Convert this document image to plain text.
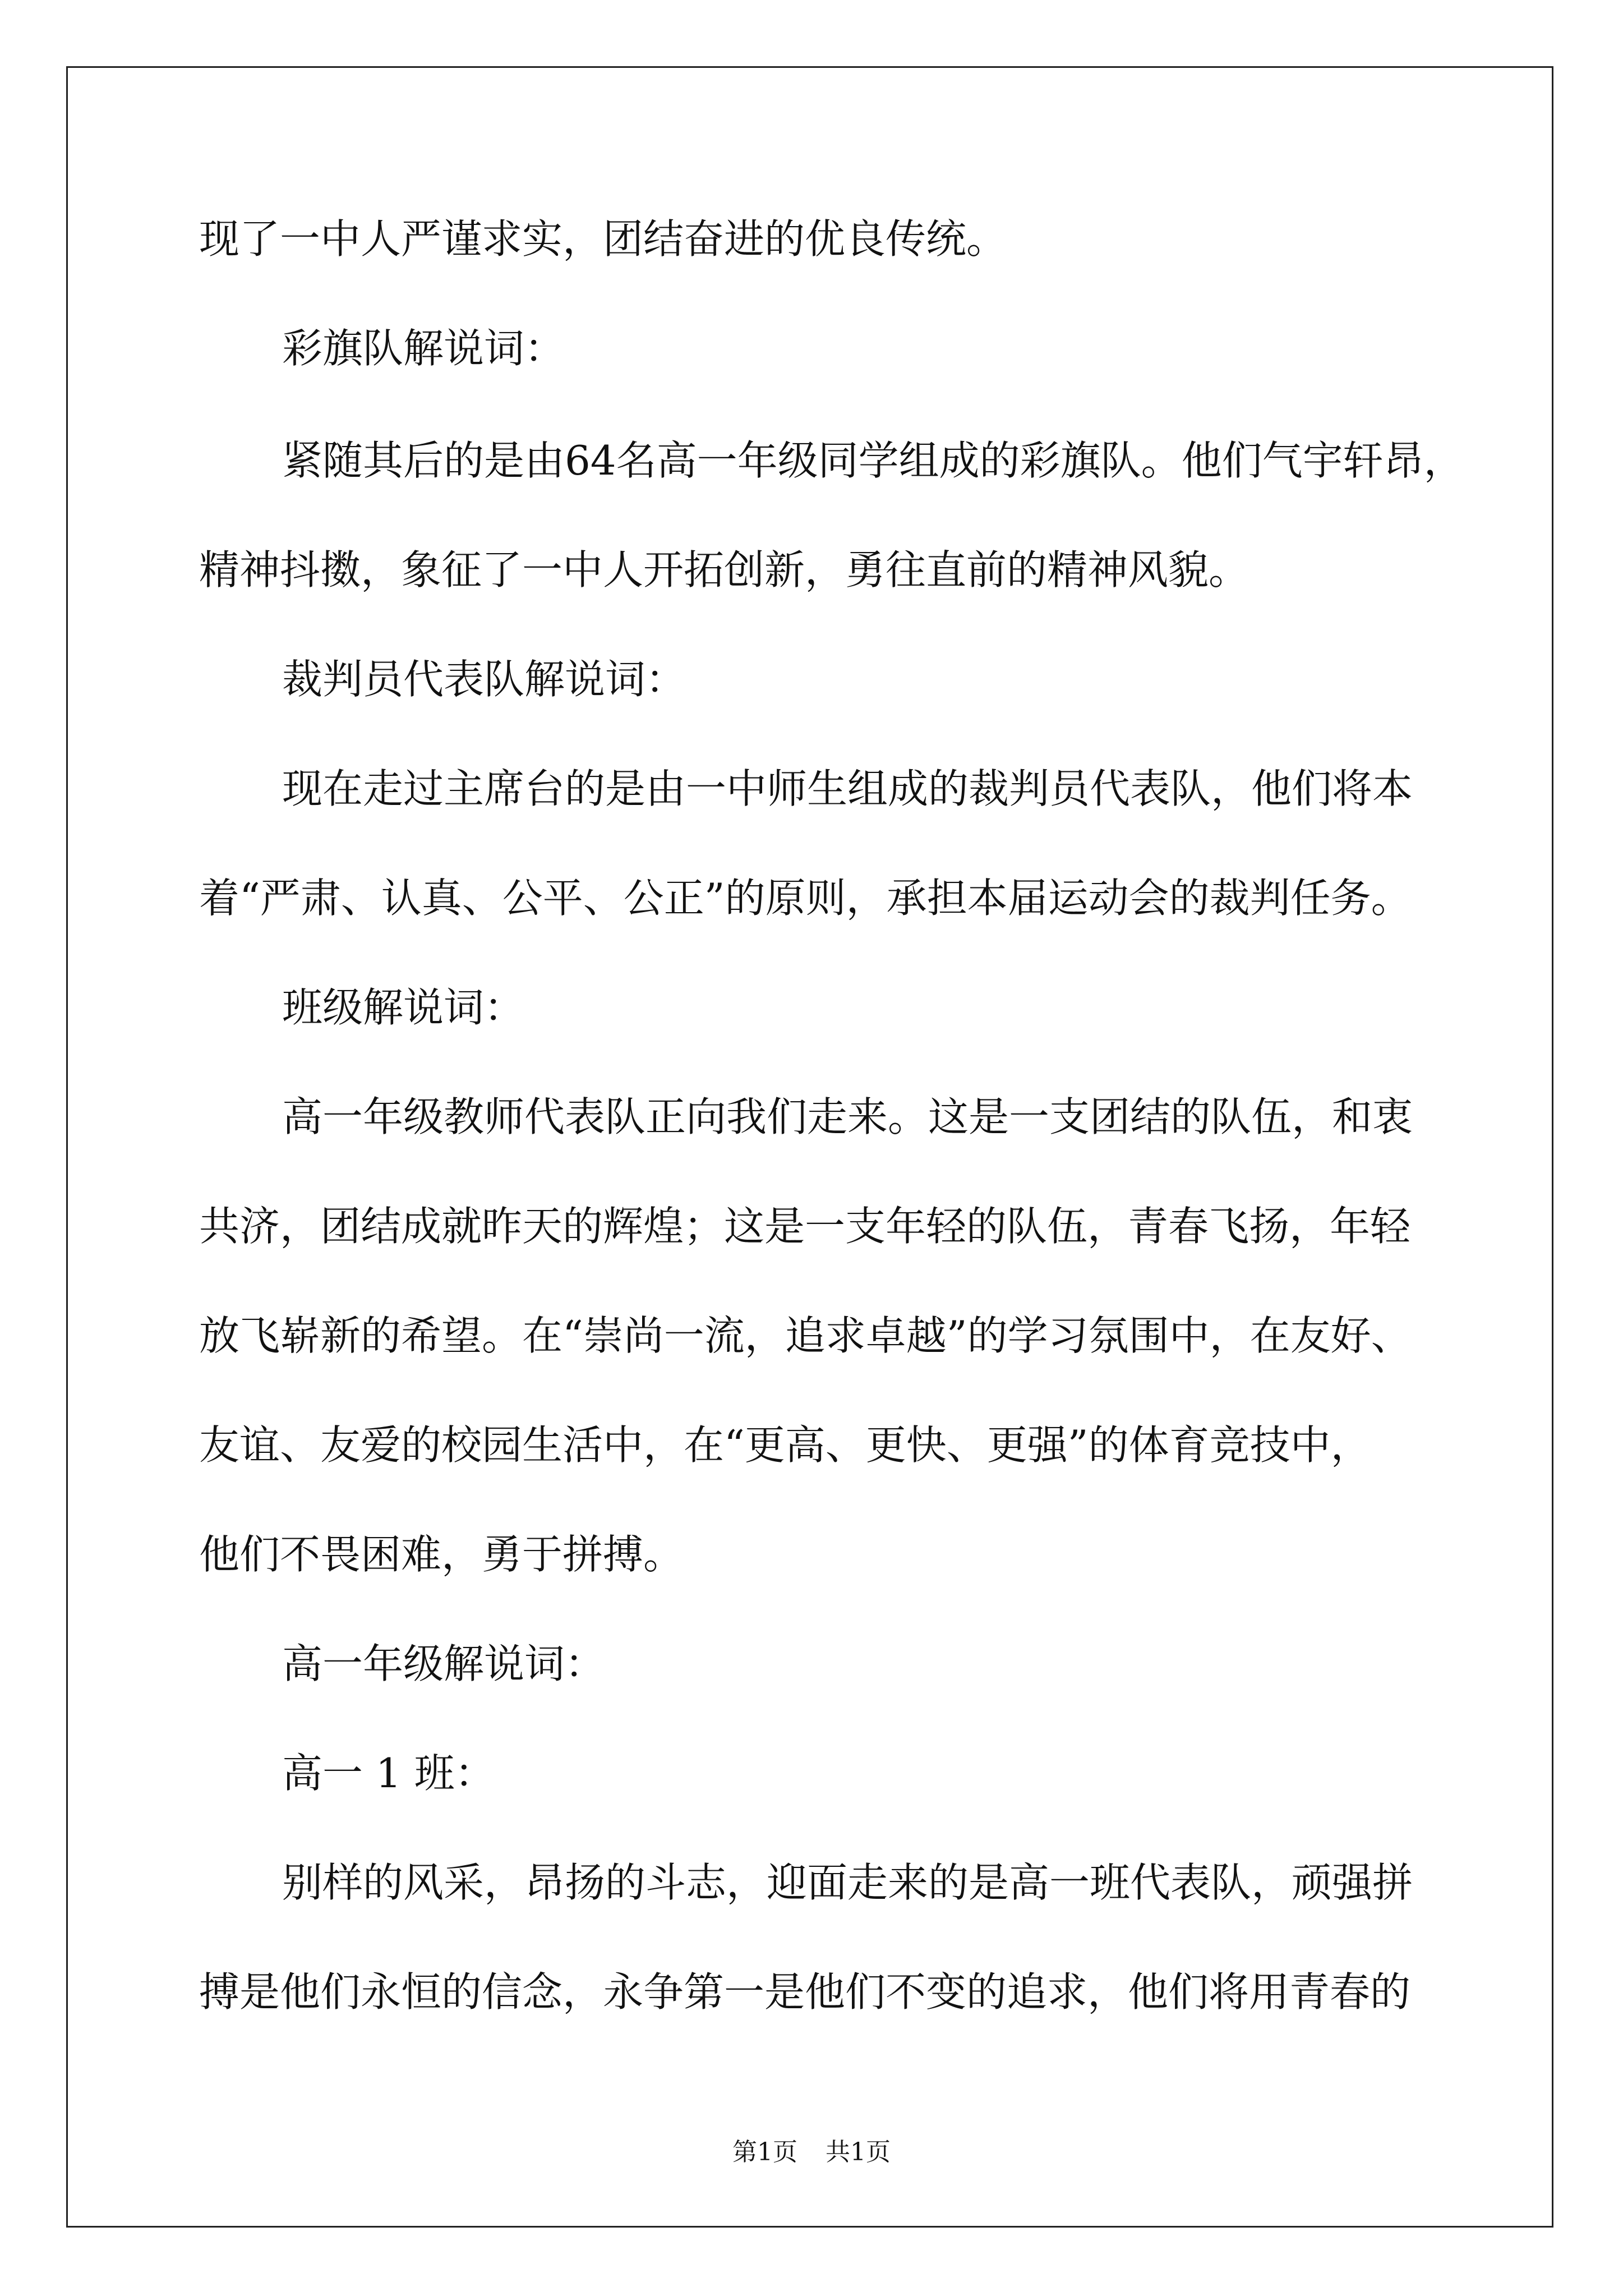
现了一中人严谨求实，团结奋进的优良传统。
彩旗队解说词：
紧随其后的是由64名高一年级同学组成的彩旗队。他们气宇轩昂，
精神抖擞，象征了一中人开拓创新，勇往直前的精神风貌。
裁判员代表队解说词：
现在走过主席台的是由一中师生组成的裁判员代表队，他们将本
着“严肃、认真、公平、公正”的原则，承担本届运动会的裁判任务。
班级解说词：
高一年级教师代表队正向我们走来。这是一支团结的队伍，和衷
共济，团结成就昨天的辉煌；这是一支年轻的队伍，青春飞扬，年轻
放飞崭新的希望。在“崇尚一流，追求卓越”的学习氛围中，在友好、
友谊、友爱的校园生活中，在“更高、更快、更强”的体育竞技中，
他们不畏困难，勇于拼搏。
高一年级解说词：
高一 1 班：
别样的风采，昂扬的斗志，迎面走来的是高一班代表队，顽强拼
搏是他们永恒的信念，永争第一是他们不变的追求，他们将用青春的
第1页 共1页
